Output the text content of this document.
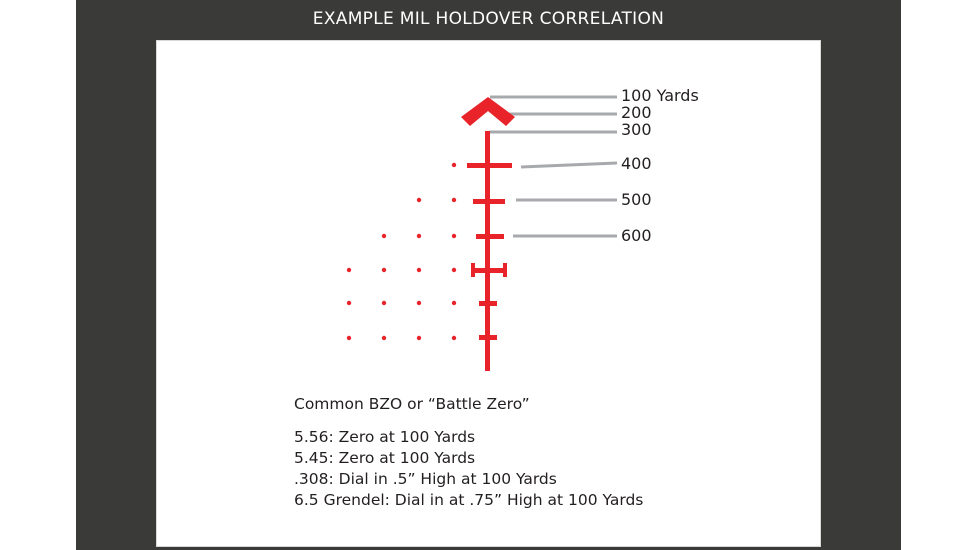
EXAMPLE MIL HOLDOVER CORRELATION
100 Yards
200
300
400
500
600
Common BZO or “Battle Zero”
5.56: Zero at 100 Yards
5.45: Zero at 100 Yards
.308: Dial in .5” High at 100 Yards
6.5 Grendel: Dial in at .75” High at 100 Yards
